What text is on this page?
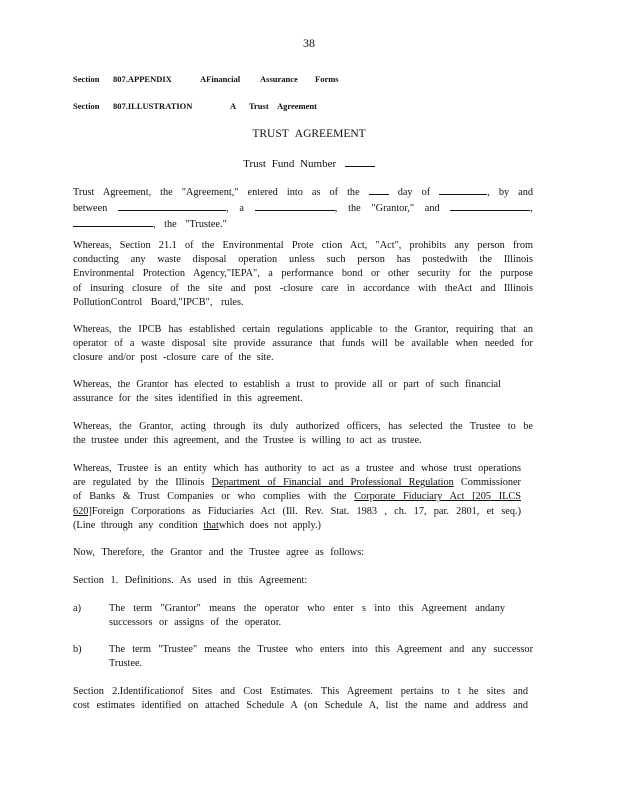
38
Section 807.APPENDIX	AFinancial Assurance Forms
Section 807.ILLUSTRATION	A Trust Agreement
TRUST AGREEMENT
Trust Fund Number
Trust Agreement, the "Agreement," entered into as of the	day of	, by and
between	, a	, the "Grantor," and	,
, the "Trustee."
Whereas, Section 21.1 of the Environmental Prote ction Act, "Act", prohibits any person from
conducting any waste disposal operation unless such person has postedwith the Illinois
Environmental Protection Agency,"IEPA", a performance bond or other security for the purpose
of insuring closure of the site and post -closure care in accordance with theAct and Illinois
PollutionControl Board,"IPCB", rules.
Whereas, the IPCB has established certain regulations applicable to the Grantor, requiring that an
operator of a waste disposal site provide assurance that funds will be available when needed for
closure and/or post -closure care of the site.
Whereas, the Grantor has elected to establish a trust to provide all or part of such financial
assurance for the sites identified in this agreement.
Whereas, the Grantor, acting through its duly authorized officers, has selected the Trustee to be
the trustee under this agreement, and the Trustee is willing to act as trustee.
Whereas, Trustee is an entity which has authority to act as a trustee and whose trust operations
are regulated by the Illinois Department of Financial and Professional Regulation Commissioner
of Banks & Trust Companies or who complies with the Corporate Fiduciary Act [205 ILCS
620]Foreign Corporations as Fiduciaries Act (Ill. Rev. Stat. 1983 , ch. 17, par. 2801, et seq.)
(Line through any condition thatwhich does not apply.)
Now, Therefore, the Grantor and the Trustee agree as follows:
Section 1. Definitions. As used in this Agreement:
a)	The term "Grantor" means the operator who enter s into this Agreement andany
successors or assigns of the operator.
b)	The term "Trustee" means the Trustee who enters into this Agreement and any successor
Trustee.
Section 2.Identificationof Sites and Cost Estimates. This Agreement pertains to t he sites and
cost estimates identified on attached Schedule A (on Schedule A, list the name and address and
